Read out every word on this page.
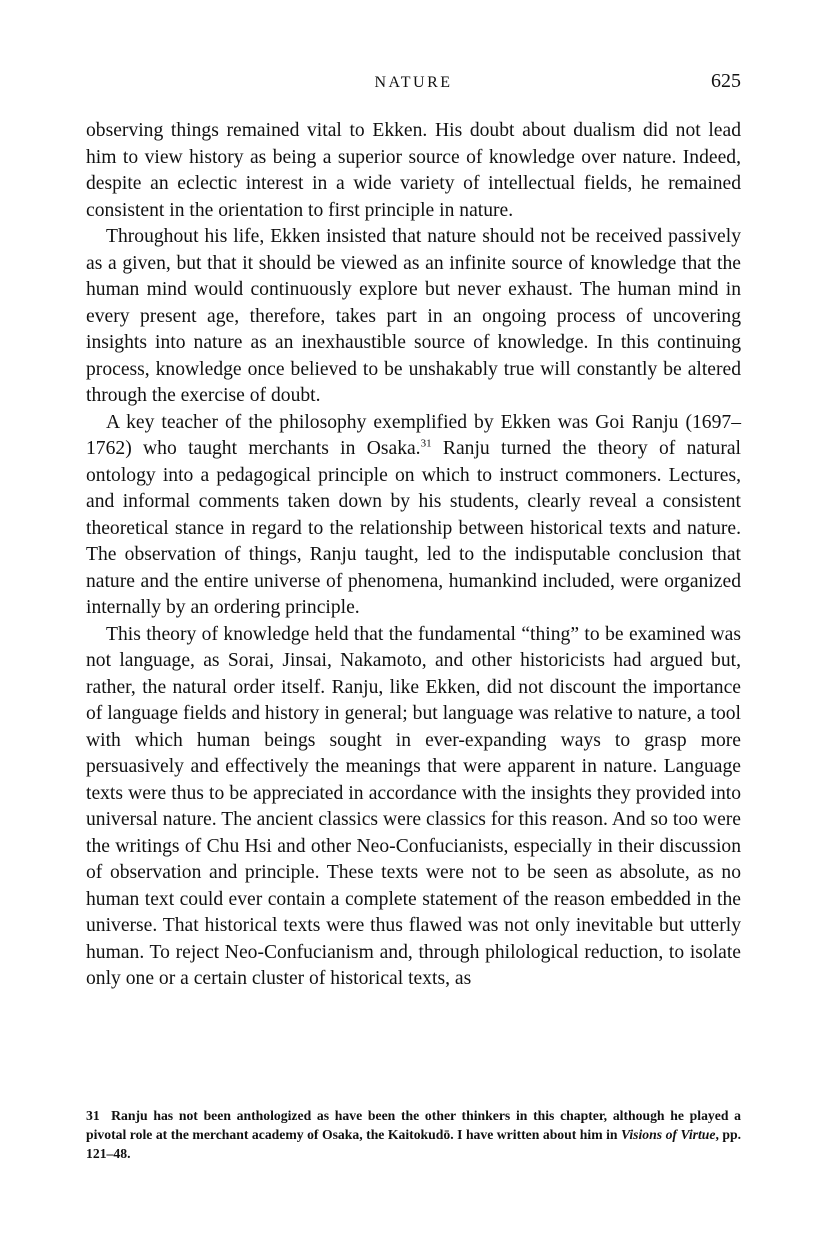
NATURE	625

observing things remained vital to Ekken. His doubt about dualism did not lead him to view history as being a superior source of knowledge over nature. Indeed, despite an eclectic interest in a wide variety of intellectual fields, he remained consistent in the orientation to first principle in nature.

Throughout his life, Ekken insisted that nature should not be received passively as a given, but that it should be viewed as an infinite source of knowledge that the human mind would continuously explore but never exhaust. The human mind in every present age, therefore, takes part in an ongoing process of uncovering insights into nature as an inexhaustible source of knowledge. In this continuing process, knowledge once believed to be unshakably true will constantly be altered through the exercise of doubt.

A key teacher of the philosophy exemplified by Ekken was Goi Ranju (1697–1762) who taught merchants in Osaka.$^{31}$ Ranju turned the theory of natural ontology into a pedagogical principle on which to instruct commoners. Lectures, and informal comments taken down by his students, clearly reveal a consistent theoretical stance in regard to the relationship between historical texts and nature. The observation of things, Ranju taught, led to the indisputable conclusion that nature and the entire universe of phenomena, humankind included, were organized internally by an ordering principle.

This theory of knowledge held that the fundamental “thing” to be examined was not language, as Sorai, Jinsai, Nakamoto, and other historicists had argued but, rather, the natural order itself. Ranju, like Ekken, did not discount the importance of language fields and history in general; but language was relative to nature, a tool with which human beings sought in ever-expanding ways to grasp more persuasively and effectively the meanings that were apparent in nature. Language texts were thus to be appreciated in accordance with the insights they provided into universal nature. The ancient classics were classics for this reason. And so too were the writings of Chu Hsi and other Neo-Confucianists, especially in their discussion of observation and principle. These texts were not to be seen as absolute, as no human text could ever contain a complete statement of the reason embedded in the universe. That historical texts were thus flawed was not only inevitable but utterly human. To reject Neo-Confucianism and, through philological reduction, to isolate only one or a certain cluster of historical texts, as

31 Ranju has not been anthologized as have been the other thinkers in this chapter, although he played a pivotal role at the merchant academy of Osaka, the Kaitokudō. I have written about him in Visions of Virtue, pp. 121–48.
